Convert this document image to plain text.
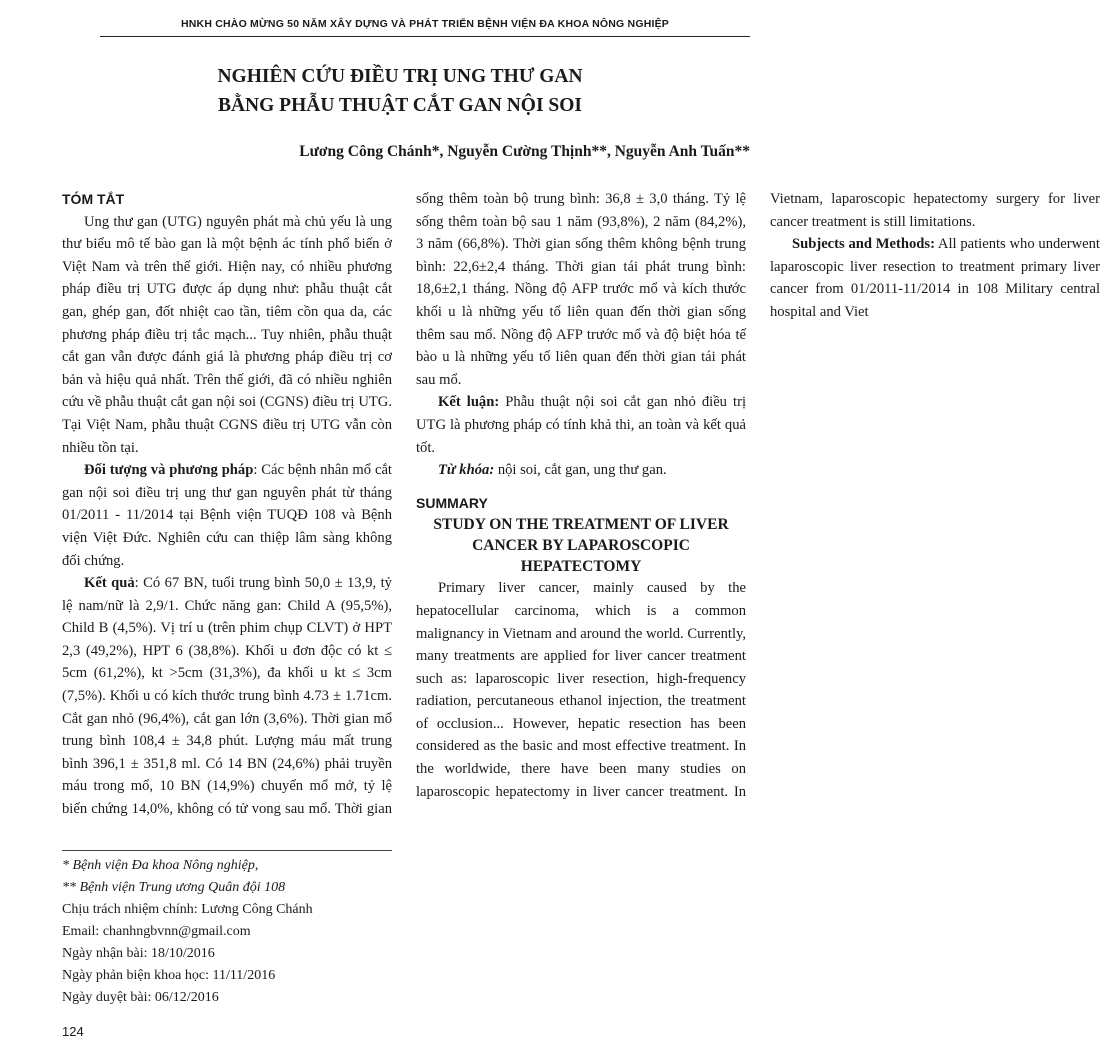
HNKH CHÀO MỪNG 50 NĂM XÂY DỰNG VÀ PHÁT TRIỂN BỆNH VIỆN ĐA KHOA NÔNG NGHIỆP
NGHIÊN CỨU ĐIỀU TRỊ UNG THƯ GAN
BẰNG PHẪU THUẬT CẮT GAN NỘI SOI
Lương Công Chánh*, Nguyễn Cường Thịnh**, Nguyễn Anh Tuấn**
* Bệnh viện Đa khoa Nông nghiệp,
** Bệnh viện Trung ương Quân đội 108
Chịu trách nhiệm chính: Lương Công Chánh
Email: chanhngbvnn@gmail.com
Ngày nhận bài: 18/10/2016
Ngày phản biện khoa học: 11/11/2016
Ngày duyệt bài: 06/12/2016
124

TÓM TẮT

Ung thư gan (UTG) nguyên phát mà chủ yếu là ung thư biểu mô tế bào gan là một bệnh ác tính phổ biến ở Việt Nam và trên thế giới. Hiện nay, có nhiều phương pháp điều trị UTG được áp dụng như: phẫu thuật cắt gan, ghép gan, đốt nhiệt cao tần, tiêm cồn qua da, các phương pháp điều trị tắc mạch... Tuy nhiên, phẫu thuật cắt gan vẫn được đánh giá là phương pháp điều trị cơ bản và hiệu quả nhất. Trên thế giới, đã có nhiều nghiên cứu về phẫu thuật cắt gan nội soi (CGNS) điều trị UTG. Tại Việt Nam, phẫu thuật CGNS điều trị UTG vẫn còn nhiều tồn tại.

Đối tượng và phương pháp: Các bệnh nhân mổ cắt gan nội soi điều trị ung thư gan nguyên phát từ tháng 01/2011 - 11/2014 tại Bệnh viện TUQĐ 108 và Bệnh viện Việt Đức. Nghiên cứu can thiệp lâm sàng không đối chứng.

Kết quả: Có 67 BN, tuổi trung bình 50,0 ± 13,9, tỷ lệ nam/nữ là 2,9/1. Chức năng gan: Child A (95,5%), Child B (4,5%). Vị trí u (trên phim chụp CLVT) ở HPT 2,3 (49,2%), HPT 6 (38,8%). Khối u đơn độc có kt ≤ 5cm (61,2%), kt >5cm (31,3%), đa khối u kt ≤ 3cm (7,5%). Khối u có kích thước trung bình 4.73 ± 1.71cm. Cắt gan nhỏ (96,4%), cắt gan lớn (3,6%). Thời gian mổ trung bình 108,4 ± 34,8 phút. Lượng máu mất trung bình 396,1 ± 351,8 ml. Có 14 BN (24,6%) phải truyền máu trong mổ, 10 BN (14,9%) chuyển mổ mở, tỷ lệ biến chứng 14,0%, không có tử vong sau mổ. Thời gian sống thêm toàn bộ trung bình: 36,8 ± 3,0 tháng. Tỷ lệ sống thêm toàn bộ sau 1 năm (93,8%), 2 năm (84,2%), 3 năm (66,8%). Thời gian sống thêm không bệnh trung bình: 22,6±2,4 tháng. Thời gian tái phát trung bình: 18,6±2,1 tháng. Nồng độ AFP trước mổ và kích thước khối u là những yếu tố liên quan đến thời gian sống thêm sau mổ. Nồng độ AFP trước mổ và độ biệt hóa tế bào u là những yếu tố liên quan đến thời gian tái phát sau mổ.

Kết luận: Phẫu thuật nội soi cắt gan nhỏ điều trị UTG là phương pháp có tính khả thi, an toàn và kết quả tốt.

Từ khóa: nội soi, cắt gan, ung thư gan.

SUMMARY

STUDY ON THE TREATMENT OF LIVER CANCER BY LAPAROSCOPIC HEPATECTOMY

Primary liver cancer, mainly caused by the hepatocellular carcinoma, which is a common malignancy in Vietnam and around the world. Currently, many treatments are applied for liver cancer treatment such as: laparoscopic liver resection, high-frequency radiation, percutaneous ethanol injection, the treatment of occlusion... However, hepatic resection has been considered as the basic and most effective treatment. In the worldwide, there have been many studies on laparoscopic hepatectomy in liver cancer treatment. In Vietnam, laparoscopic hepatectomy surgery for liver cancer treatment is still limitations.

Subjects and Methods: All patients who underwent laparoscopic liver resection to treatment primary liver cancer from 01/2011-11/2014 in 108 Military central hospital and Viet
